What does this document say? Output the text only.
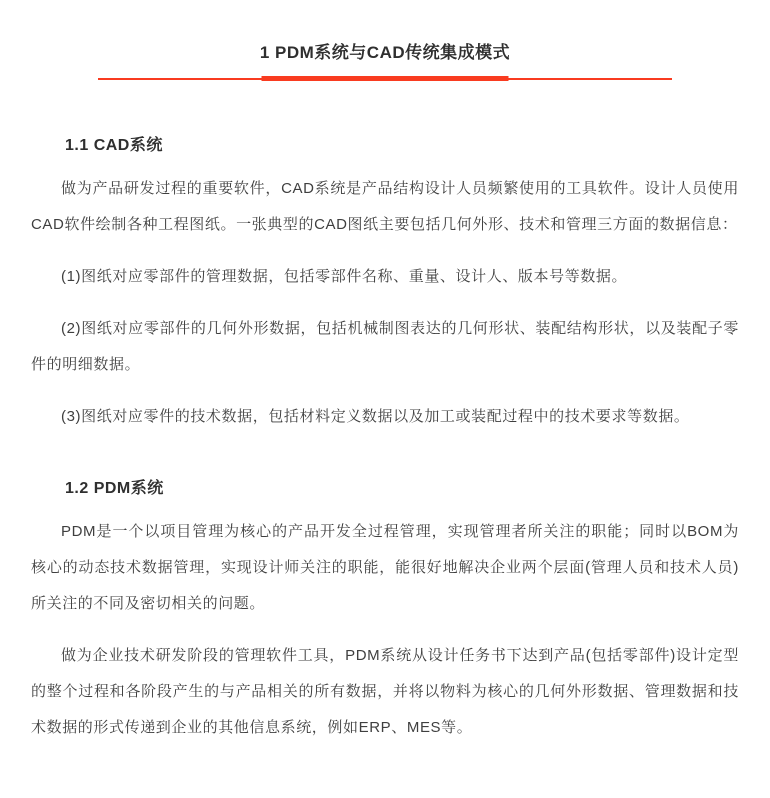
1 PDM系统与CAD传统集成模式
1.1 CAD系统

做为产品研发过程的重要软件，CAD系统是产品结构设计人员频繁使用的工具软件。设计人员使用CAD软件绘制各种工程图纸。一张典型的CAD图纸主要包括几何外形、技术和管理三方面的数据信息：

(1)图纸对应零部件的管理数据，包括零部件名称、重量、设计人、版本号等数据。

(2)图纸对应零部件的几何外形数据，包括机械制图表达的几何形状、装配结构形状，以及装配子零件的明细数据。

(3)图纸对应零件的技术数据，包括材料定义数据以及加工或装配过程中的技术要求等数据。

1.2 PDM系统

PDM是一个以项目管理为核心的产品开发全过程管理，实现管理者所关注的职能；同时以BOM为核心的动态技术数据管理，实现设计师关注的职能，能很好地解决企业两个层面(管理人员和技术人员)所关注的不同及密切相关的问题。

做为企业技术研发阶段的管理软件工具，PDM系统从设计任务书下达到产品(包括零部件)设计定型的整个过程和各阶段产生的与产品相关的所有数据，并将以物料为核心的几何外形数据、管理数据和技术数据的形式传递到企业的其他信息系统，例如ERP、MES等。
